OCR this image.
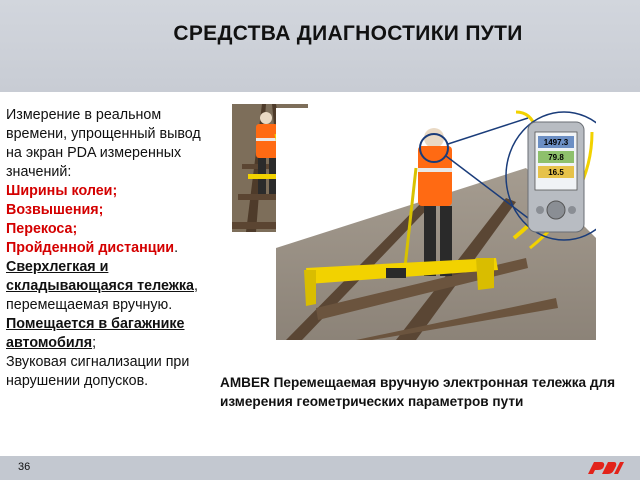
СРЕДСТВА ДИАГНОСТИКИ ПУТИ
Измерение в реальном времени, упрощенный вывод на экран PDA измеренных значений:
Ширины колеи;
Возвышения;
Перекоса;
Пройденной дистанции.
Сверхлегкая и складывающаяся тележка, перемещаемая вручную.
Помещается в багажнике автомобиля;
Звуковая сигнализации при нарушении допусков.
1497.3
79.8
16.5
AMBER Перемещаемая вручную электронная тележка для измерения геометрических параметров пути
36
